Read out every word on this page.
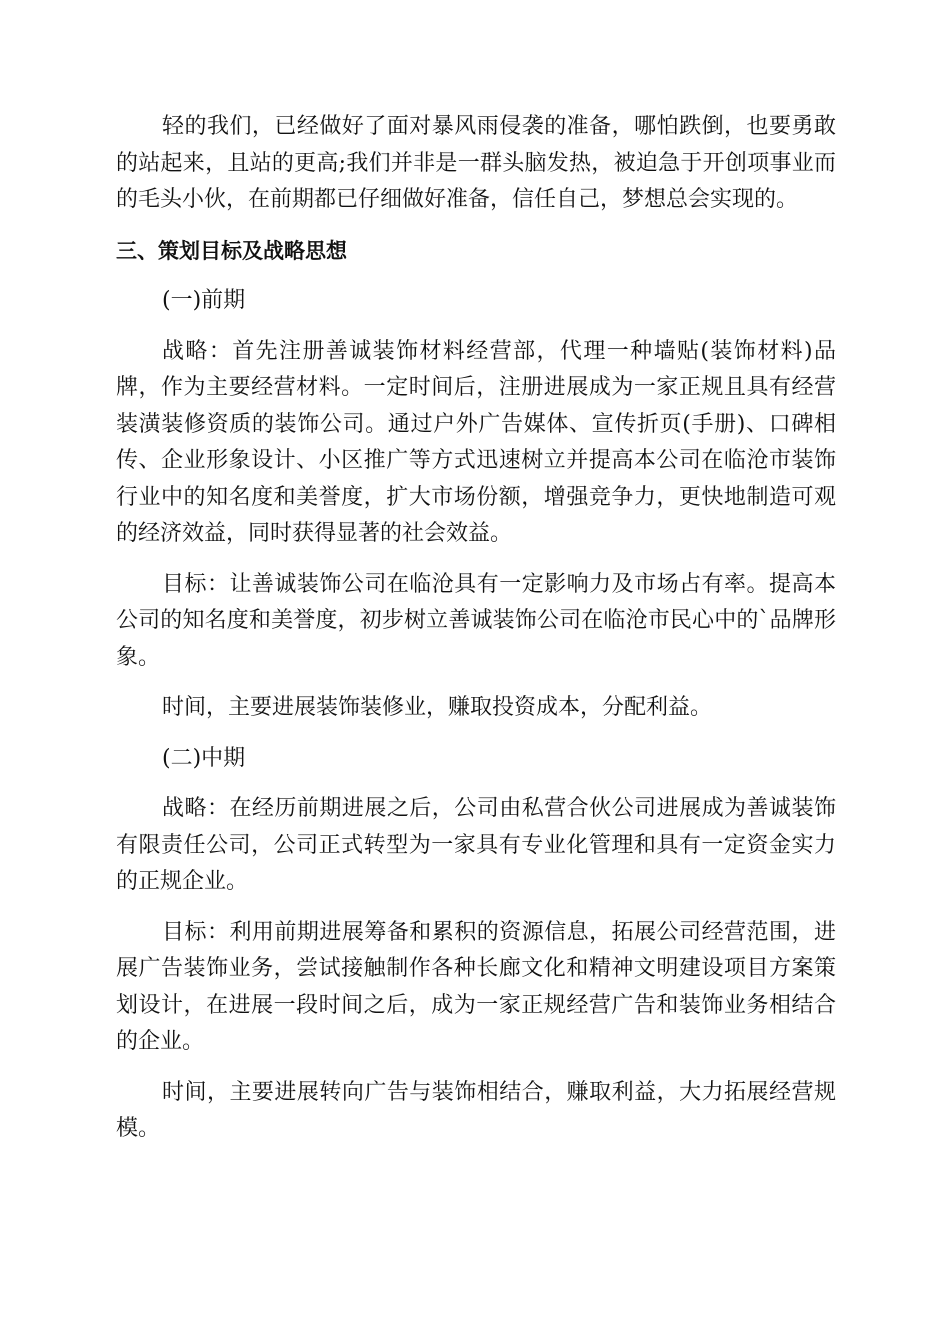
轻的我们，已经做好了面对暴风雨侵袭的准备，哪怕跌倒，也要勇敢的站起来，且站的更高;我们并非是一群头脑发热，被迫急于开创项事业而的毛头小伙，在前期都已仔细做好准备，信任自己，梦想总会实现的。

三、策划目标及战略思想

(一)前期

战略：首先注册善诚装饰材料经营部，代理一种墙贴(装饰材料)品牌，作为主要经营材料。一定时间后，注册进展成为一家正规且具有经营装潢装修资质的装饰公司。通过户外广告媒体、宣传折页(手册)、口碑相传、企业形象设计、小区推广等方式迅速树立并提高本公司在临沧市装饰行业中的知名度和美誉度，扩大市场份额，增强竞争力，更快地制造可观的经济效益，同时获得显著的社会效益。

目标：让善诚装饰公司在临沧具有一定影响力及市场占有率。提高本公司的知名度和美誉度，初步树立善诚装饰公司在临沧市民心中的`品牌形象。

时间，主要进展装饰装修业，赚取投资成本，分配利益。

(二)中期

战略：在经历前期进展之后，公司由私营合伙公司进展成为善诚装饰有限责任公司，公司正式转型为一家具有专业化管理和具有一定资金实力的正规企业。

目标：利用前期进展筹备和累积的资源信息，拓展公司经营范围，进展广告装饰业务，尝试接触制作各种长廊文化和精神文明建设项目方案策划设计，在进展一段时间之后，成为一家正规经营广告和装饰业务相结合的企业。

时间，主要进展转向广告与装饰相结合，赚取利益，大力拓展经营规模。
